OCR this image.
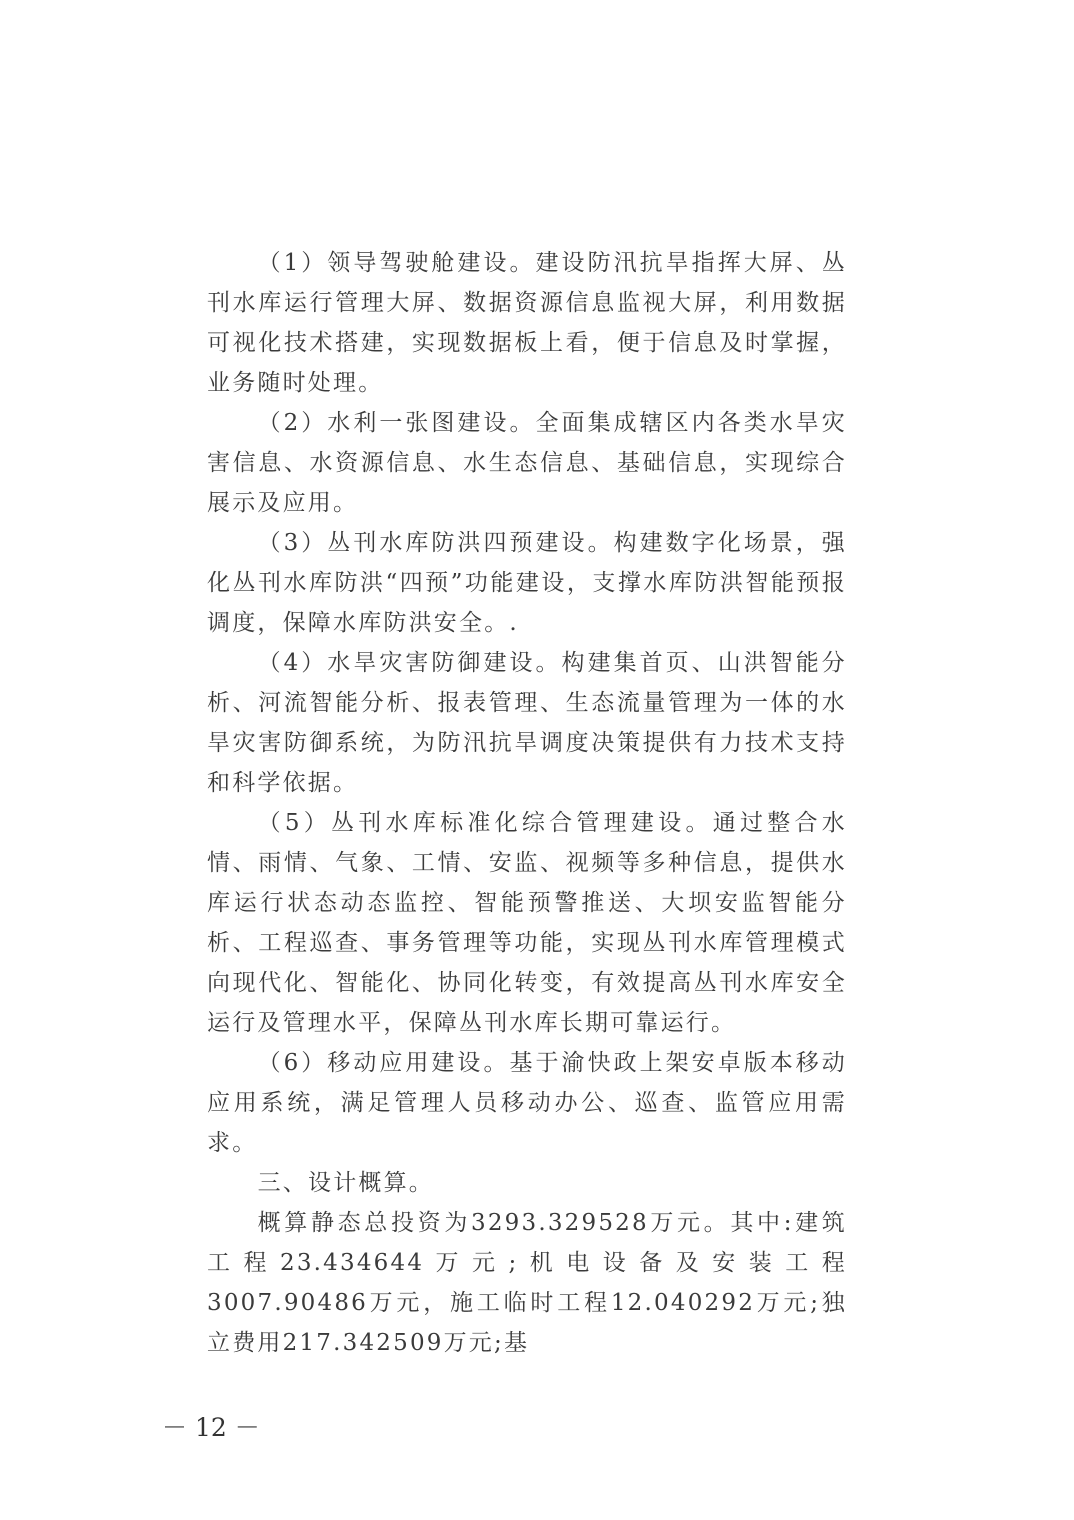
（1）领导驾驶舱建设。建设防汛抗旱指挥大屏、丛刊水库运行管理大屏、数据资源信息监视大屏，利用数据可视化技术搭建，实现数据板上看，便于信息及时掌握，业务随时处理。

（2）水利一张图建设。全面集成辖区内各类水旱灾害信息、水资源信息、水生态信息、基础信息，实现综合展示及应用。

（3）丛刊水库防洪四预建设。构建数字化场景，强化丛刊水库防洪“四预”功能建设，支撑水库防洪智能预报调度，保障水库防洪安全。.

（4）水旱灾害防御建设。构建集首页、山洪智能分析、河流智能分析、报表管理、生态流量管理为一体的水旱灾害防御系统，为防汛抗旱调度决策提供有力技术支持和科学依据。

（5）丛刊水库标准化综合管理建设。通过整合水情、雨情、气象、工情、安监、视频等多种信息，提供水库运行状态动态监控、智能预警推送、大坝安监智能分析、工程巡查、事务管理等功能，实现丛刊水库管理模式向现代化、智能化、协同化转变，有效提高丛刊水库安全运行及管理水平，保障丛刊水库长期可靠运行。

（6）移动应用建设。基于渝快政上架安卓版本移动应用系统，满足管理人员移动办公、巡查、监管应用需求。

三、设计概算。

概算静态总投资为3293.329528万元。其中:建筑工程23.434644万元;机电设备及安装工程3007.90486万元，施工临时工程12.040292万元;独立费用217.342509万元;基

－ 12 －
